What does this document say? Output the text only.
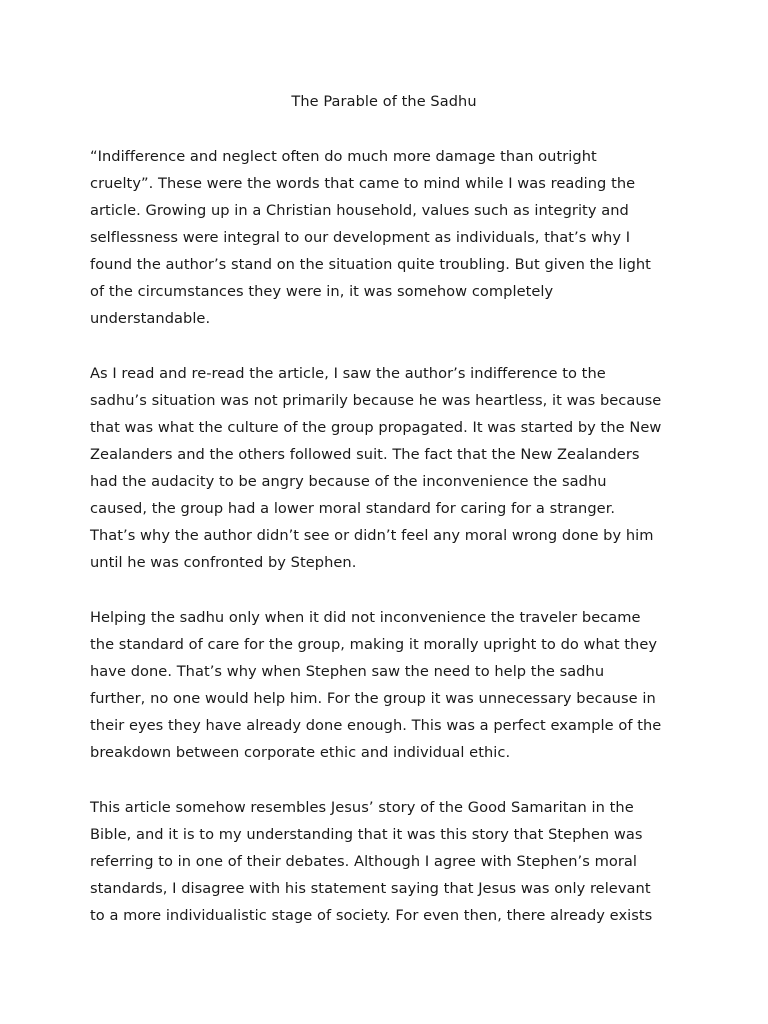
The Parable of the Sadhu
“Indifference and neglect often do much more damage than outright
cruelty”. These were the words that came to mind while I was reading the
article. Growing up in a Christian household, values such as integrity and
selflessness were integral to our development as individuals, that’s why I
found the author’s stand on the situation quite troubling. But given the light
of the circumstances they were in, it was somehow completely
understandable.
As I read and re-read the article, I saw the author’s indifference to the
sadhu’s situation was not primarily because he was heartless, it was because
that was what the culture of the group propagated. It was started by the New
Zealanders and the others followed suit. The fact that the New Zealanders
had the audacity to be angry because of the inconvenience the sadhu
caused, the group had a lower moral standard for caring for a stranger.
That’s why the author didn’t see or didn’t feel any moral wrong done by him
until he was confronted by Stephen.
Helping the sadhu only when it did not inconvenience the traveler became
the standard of care for the group, making it morally upright to do what they
have done. That’s why when Stephen saw the need to help the sadhu
further, no one would help him. For the group it was unnecessary because in
their eyes they have already done enough. This was a perfect example of the
breakdown between corporate ethic and individual ethic.
This article somehow resembles Jesus’ story of the Good Samaritan in the
Bible, and it is to my understanding that it was this story that Stephen was
referring to in one of their debates. Although I agree with Stephen’s moral
standards, I disagree with his statement saying that Jesus was only relevant
to a more individualistic stage of society. For even then, there already exists
